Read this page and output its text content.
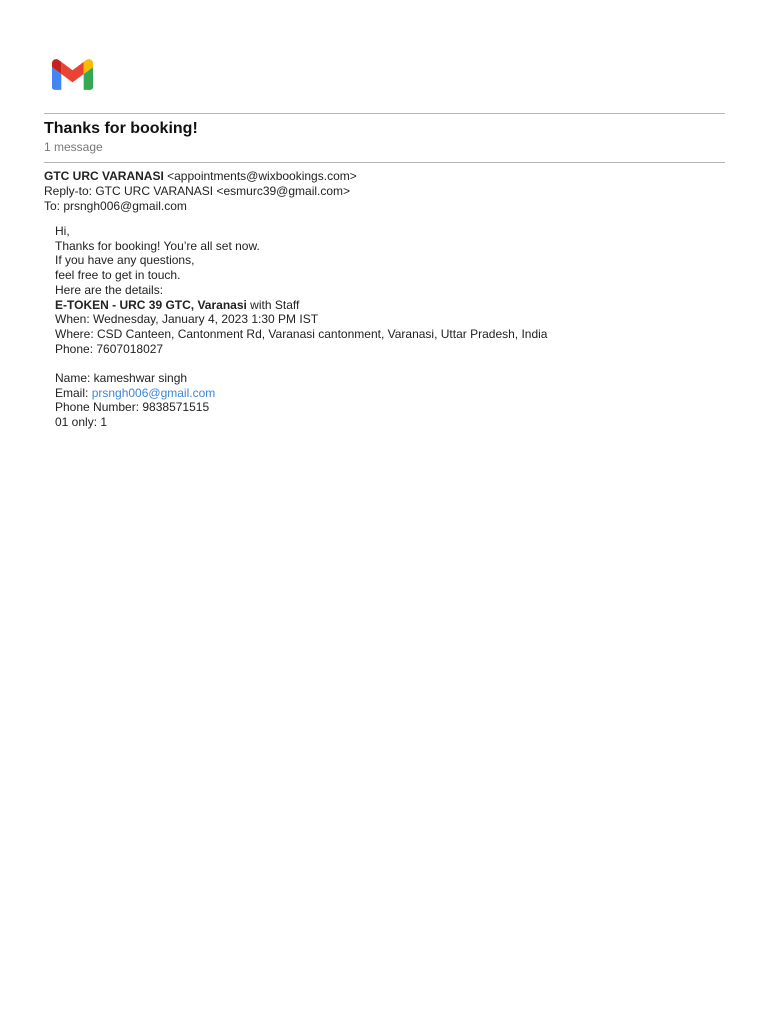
Thanks for booking!
1 message
GTC URC VARANASI <appointments@wixbookings.com>
Reply-to: GTC URC VARANASI <esmurc39@gmail.com>
To: prsngh006@gmail.com
Hi,
Thanks for booking! You’re all set now.
If you have any questions,
feel free to get in touch.
Here are the details:
E-TOKEN - URC 39 GTC, Varanasi with Staff
When: Wednesday, January 4, 2023 1:30 PM IST
Where: CSD Canteen, Cantonment Rd, Varanasi cantonment, Varanasi, Uttar Pradesh, India
Phone: 7607018027
Name: kameshwar singh
Email: prsngh006@gmail.com
Phone Number: 9838571515
01 only: 1
